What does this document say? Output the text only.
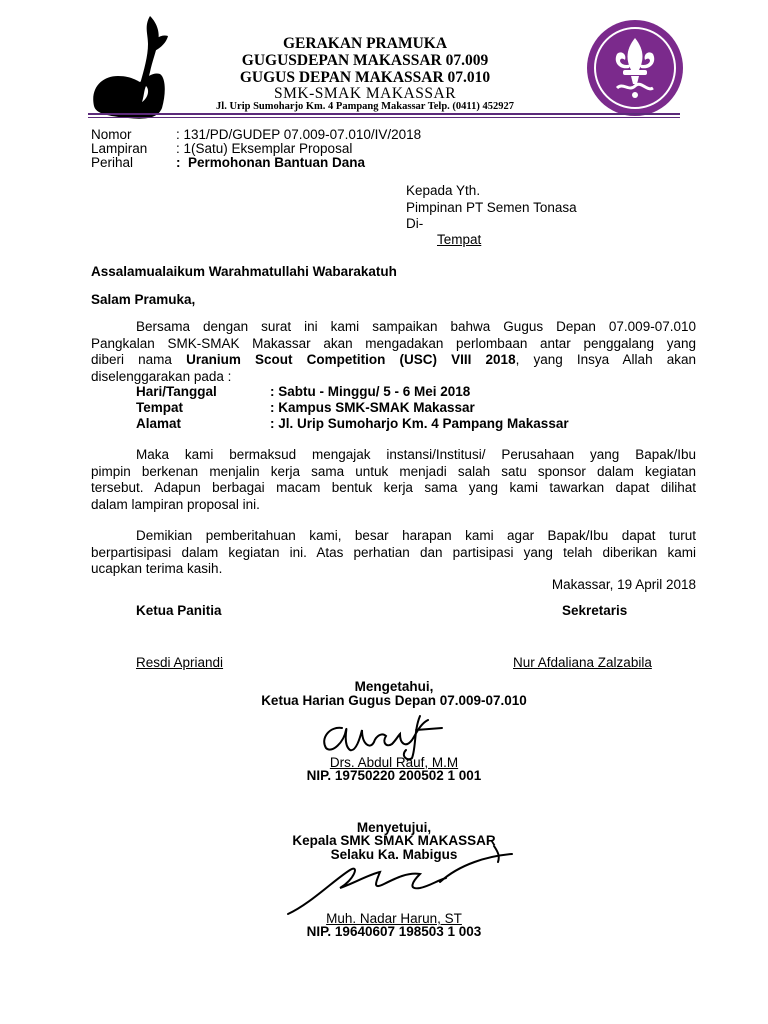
GERAKAN PRAMUKA
GUGUSDEPAN MAKASSAR 07.009
GUGUS DEPAN MAKASSAR 07.010
SMK-SMAK MAKASSAR
Jl. Urip Sumoharjo Km. 4 Pampang Makassar Telp. (0411) 452927
Nomor	: 131/PD/GUDEP 07.009-07.010/IV/2018
Lampiran : 1(Satu) Eksemplar Proposal
Perihal	:  Permohonan Bantuan Dana
Kepada Yth.
Pimpinan PT Semen Tonasa
Di-
Tempat
Assalamualaikum Warahmatullahi Wabarakatuh
Salam Pramuka,
Bersama dengan surat ini kami sampaikan bahwa Gugus Depan 07.009-07.010
Pangkalan SMK-SMAK Makassar akan mengadakan perlombaan antar penggalang yang
diberi nama Uranium Scout Competition (USC) VIII 2018, yang Insya Allah akan
diselenggarakan pada :
Hari/Tanggal	: Sabtu - Minggu/ 5 - 6 Mei 2018
Tempat	: Kampus SMK-SMAK Makassar
Alamat	: Jl. Urip Sumoharjo Km. 4 Pampang Makassar
Maka kami bermaksud mengajak instansi/Institusi/ Perusahaan yang Bapak/Ibu
pimpin berkenan menjalin kerja sama untuk menjadi salah satu sponsor dalam kegiatan
tersebut. Adapun berbagai macam bentuk kerja sama yang kami tawarkan dapat dilihat
dalam lampiran proposal ini.
Demikian pemberitahuan kami, besar harapan kami agar Bapak/Ibu dapat turut
berpartisipasi dalam kegiatan ini. Atas perhatian dan partisipasi yang telah diberikan kami
ucapkan terima kasih.
Makassar, 19 April 2018
Ketua Panitia
Resdi Apriandi
Sekretaris
Nur Afdaliana Zalzabila
Mengetahui,
Ketua Harian Gugus Depan 07.009-07.010
Drs. Abdul Rauf, M.M
NIP. 19750220 200502 1 001
Menyetujui,
Kepala SMK SMAK MAKASSAR
Selaku Ka. Mabigus
Muh. Nadar Harun, ST
NIP. 19640607 198503 1 003
